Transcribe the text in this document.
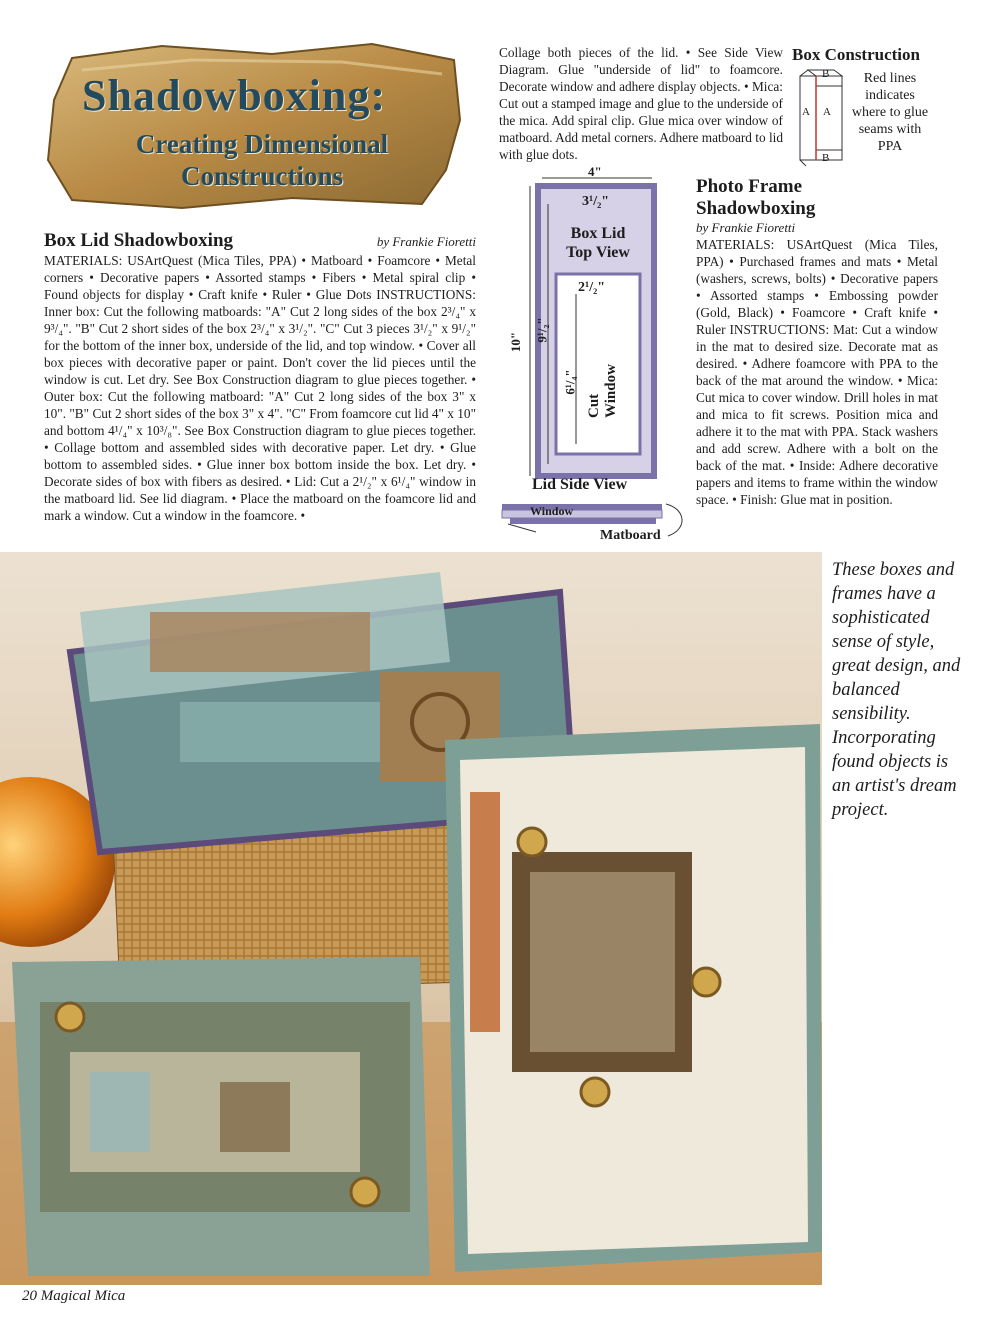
Shadowboxing:
Creating Dimensional
Constructions
Box Lid Shadowboxing	by Frankie Fioretti
MATERIALS: USArtQuest (Mica Tiles, PPA) • Matboard • Foamcore • Metal corners • Decorative papers • Assorted stamps • Fibers • Metal spiral clip • Found objects for display • Craft knife • Ruler • Glue Dots INSTRUCTIONS: Inner box: Cut the following matboards: "A" Cut 2 long sides of the box 2³/₄" x 9³/₄". "B" Cut 2 short sides of the box 2³/₄" x 3¹/₂". "C" Cut 3 pieces 3¹/₂" x 9¹/₂" for the bottom of the inner box, underside of the lid, and top window. • Cover all box pieces with decorative paper or paint. Don't cover the lid pieces until the window is cut. Let dry. See Box Construction diagram to glue pieces together. • Outer box: Cut the following matboard: "A" Cut 2 long sides of the box 3" x 10". "B" Cut 2 short sides of the box 3" x 4". "C" From foamcore cut lid 4" x 10" and bottom 4¹/₄" x 10³/₈". See Box Construction diagram to glue pieces together. • Collage bottom and assembled sides with decorative paper. Let dry. • Glue bottom to assembled sides. • Glue inner box bottom inside the box. Let dry. • Decorate sides of box with fibers as desired. • Lid: Cut a 2¹/₂" x 6¹/₄" window in the matboard lid. See lid diagram. • Place the matboard on the foamcore lid and mark a window. Cut a window in the foamcore. •
Collage both pieces of the lid. • See Side View Diagram. Glue "underside of lid" to foamcore. Decorate window and adhere display objects. • Mica: Cut out a stamped image and glue to the underside of the mica. Add spiral clip. Glue mica over window of matboard. Add metal corners. Adhere matboard to lid with glue dots.
Box Construction
B
A A
B
Red lines indicates where to glue seams with PPA
4"
3¹/₂"
Box Lid Top View
2¹/₂"
10" 9¹/₂"
6¹/₄"
Cut Window
Lid Side View
Window
Matboard
Photo Frame
Shadowboxing
by Frankie Fioretti
MATERIALS: USArtQuest (Mica Tiles, PPA) • Purchased frames and mats • Metal (washers, screws, bolts) • Decorative papers • Assorted stamps • Embossing powder (Gold, Black) • Foamcore • Craft knife • Ruler INSTRUCTIONS: Mat: Cut a window in the mat to desired size. Decorate mat as desired. • Adhere foamcore with PPA to the back of the mat around the window. • Mica: Cut mica to cover window. Drill holes in mat and mica to fit screws. Position mica and adhere it to the mat with PPA. Stack washers and add screw. Adhere with a bolt on the back of the mat. • Inside: Adhere decorative papers and items to frame within the window space. • Finish: Glue mat in position.
These boxes and frames have a sophisticated sense of style, great design, and balanced sensibility. Incorporating found objects is an artist's dream project.
20 Magical Mica
